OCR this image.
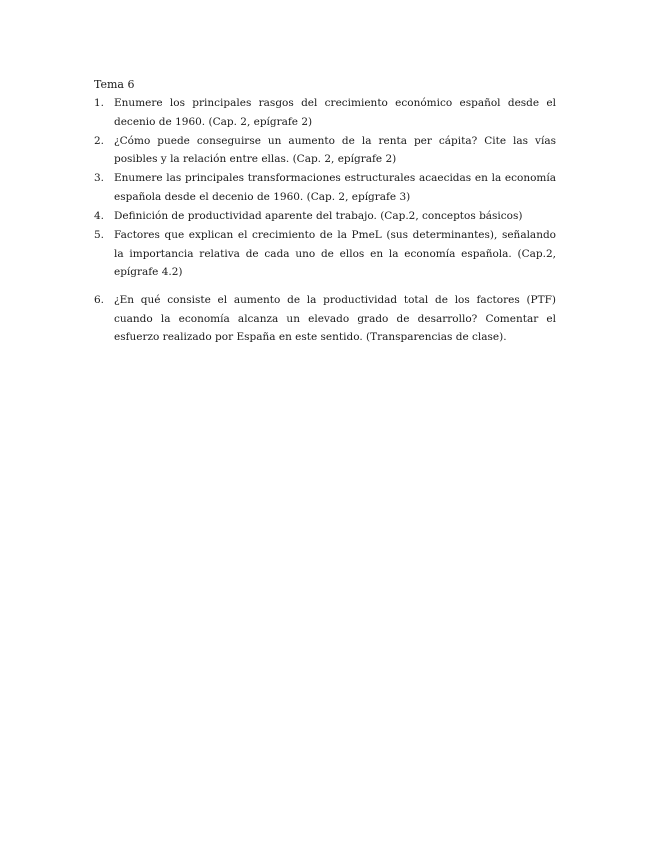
Tema 6
1. Enumere los principales rasgos del crecimiento económico español desde el decenio de 1960. (Cap. 2, epígrafe 2)
2. ¿Cómo puede conseguirse un aumento de la renta per cápita? Cite las vías posibles y la relación entre ellas. (Cap. 2, epígrafe 2)
3. Enumere las principales transformaciones estructurales acaecidas en la economía española desde el decenio de 1960. (Cap. 2, epígrafe 3)
4. Definición de productividad aparente del trabajo. (Cap.2, conceptos básicos)
5. Factores que explican el crecimiento de la PmeL (sus determinantes), señalando la importancia relativa de cada uno de ellos en la economía española. (Cap.2, epígrafe 4.2)
6. ¿En qué consiste el aumento de la productividad total de los factores (PTF) cuando la economía alcanza un elevado grado de desarrollo? Comentar el esfuerzo realizado por España en este sentido. (Transparencias de clase).
